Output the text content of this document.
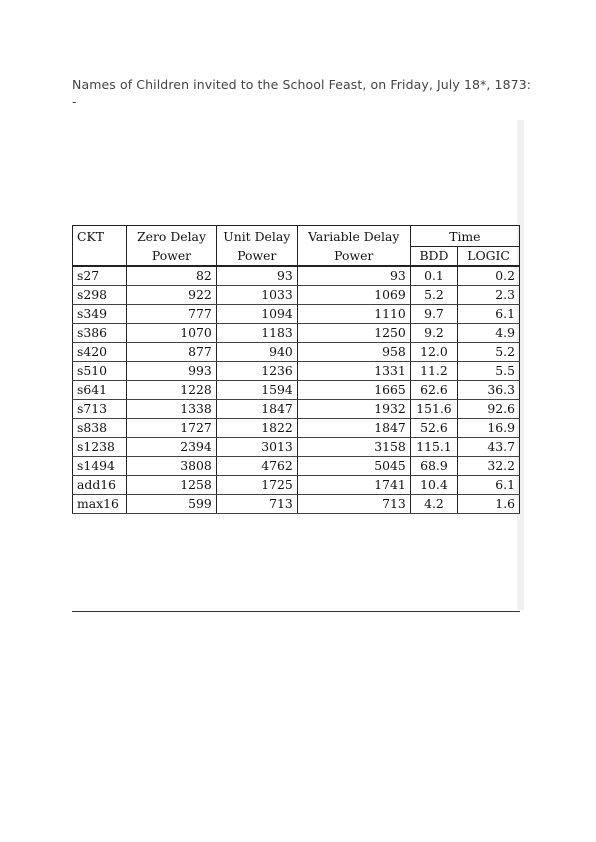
Names of Children invited to the School Feast, on Friday, July 18*, 1873:
-
CKT	Zero Delay	Unit Delay	Variable Delay	Time	
	Power	Power	Power	BDD	LOGIC
s27	82	93	93	0.1	0.2
s298	922	1033	1069	5.2	2.3
s349	777	1094	1110	9.7	6.1
s386	1070	1183	1250	9.2	4.9
s420	877	940	958	12.0	5.2
s510	993	1236	1331	11.2	5.5
s641	1228	1594	1665	62.6	36.3
s713	1338	1847	1932	151.6	92.6
s838	1727	1822	1847	52.6	16.9
s1238	2394	3013	3158	115.1	43.7
s1494	3808	4762	5045	68.9	32.2
add16	1258	1725	1741	10.4	6.1
max16	599	713	713	4.2	1.6
